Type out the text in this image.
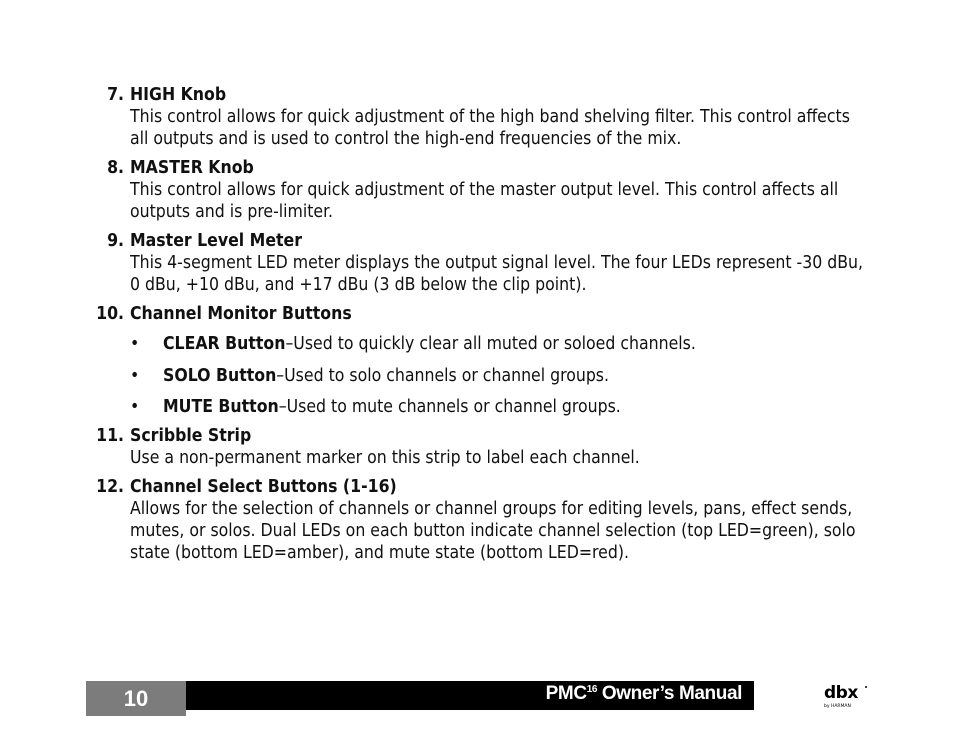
7. HIGH Knob
This control allows for quick adjustment of the high band shelving filter. This control affects all outputs and is used to control the high-end frequencies of the mix.
8. MASTER Knob
This control allows for quick adjustment of the master output level. This control affects all outputs and is pre-limiter.
9. Master Level Meter
This 4-segment LED meter displays the output signal level. The four LEDs represent -30 dBu, 0 dBu, +10 dBu, and +17 dBu (3 dB below the clip point).
10. Channel Monitor Buttons
• CLEAR Button–Used to quickly clear all muted or soloed channels.
• SOLO Button–Used to solo channels or channel groups.
• MUTE Button–Used to mute channels or channel groups.
11. Scribble Strip
Use a non-permanent marker on this strip to label each channel.
12. Channel Select Buttons (1-16)
Allows for the selection of channels or channel groups for editing levels, pans, effect sends, mutes, or solos. Dual LEDs on each button indicate channel selection (top LED=green), solo state (bottom LED=amber), and mute state (bottom LED=red).
10	PMC$^{16}$ Owner’s Manual	dbx
by HARMAN
